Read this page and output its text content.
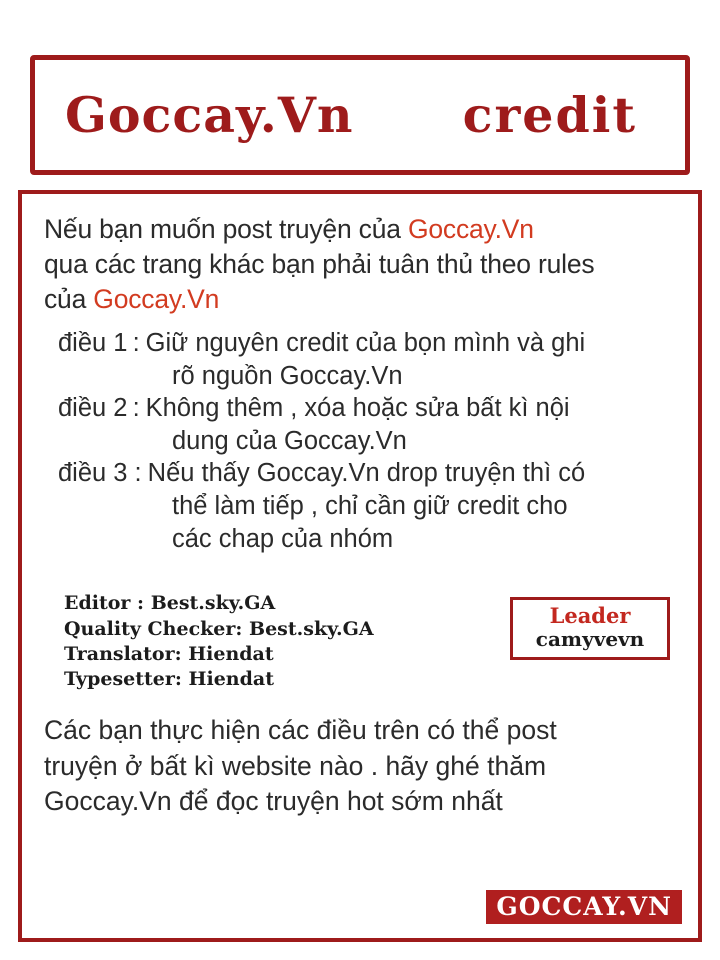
Goccay.Vn credit
Nếu bạn muốn post truyện của Goccay.Vn
qua các trang khác bạn phải tuân thủ theo rules
của Goccay.Vn
điều 1 : Giữ nguyên credit của bọn mình và ghi
rõ nguồn Goccay.Vn
điều 2 : Không thêm , xóa hoặc sửa bất kì nội
dung của Goccay.Vn
điều 3 : Nếu thấy Goccay.Vn drop truyện thì có
thể làm tiếp , chỉ cần giữ credit cho
các chap của nhóm
Editor : Best.sky.GA
Quality Checker: Best.sky.GA
Translator: Hiendat
Typesetter: Hiendat
Leader
camyvevn
Các bạn thực hiện các điều trên có thể post
truyện ở bất kì website nào . hãy ghé thăm
Goccay.Vn để đọc truyện hot sớm nhất
GOCCAY.VN
